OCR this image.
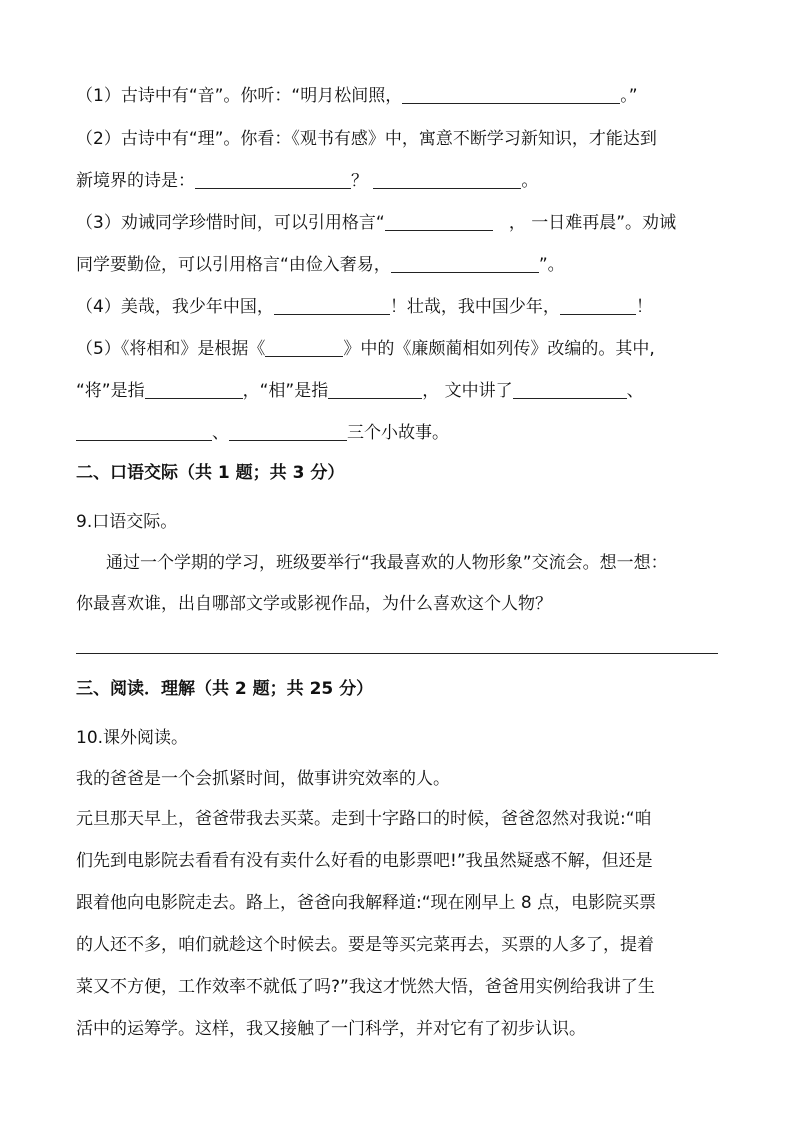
（1）古诗中有“音”。你听：“明月松间照，	。”
（2）古诗中有“理”。你看：《观书有感》中，寓意不断学习新知识，才能达到
新境界的诗是：	？	。
（3）劝诫同学珍惜时间，可以引用格言“	， 一日难再晨”。劝诫
同学要勤俭，可以引用格言“由俭入奢易，	”。
（4）美哉，我少年中国，	！壮哉，我中国少年，	！
（5）《将相和》是根据《	》中的《廉颇蔺相如列传》改编的。其中,
“将”是指	，“相”是指	， 文中讲了	、
、	三个小故事。
二、口语交际（共 1 题；共 3 分）
9.口语交际。
通过一个学期的学习，班级要举行“我最喜欢的人物形象”交流会。想一想：
你最喜欢谁，出自哪部文学或影视作品，为什么喜欢这个人物？
三、阅读．理解（共 2 题；共 25 分）
10.课外阅读。
我的爸爸是一个会抓紧时间，做事讲究效率的人。
元旦那天早上，爸爸带我去买菜。走到十字路口的时候，爸爸忽然对我说:“咱
们先到电影院去看看有没有卖什么好看的电影票吧!”我虽然疑惑不解，但还是
跟着他向电影院走去。路上，爸爸向我解释道:“现在刚早上 8 点，电影院买票
的人还不多，咱们就趁这个时候去。要是等买完菜再去，买票的人多了，提着
菜又不方便，工作效率不就低了吗?”我这才恍然大悟，爸爸用实例给我讲了生
活中的运筹学。这样，我又接触了一门科学，并对它有了初步认识。
